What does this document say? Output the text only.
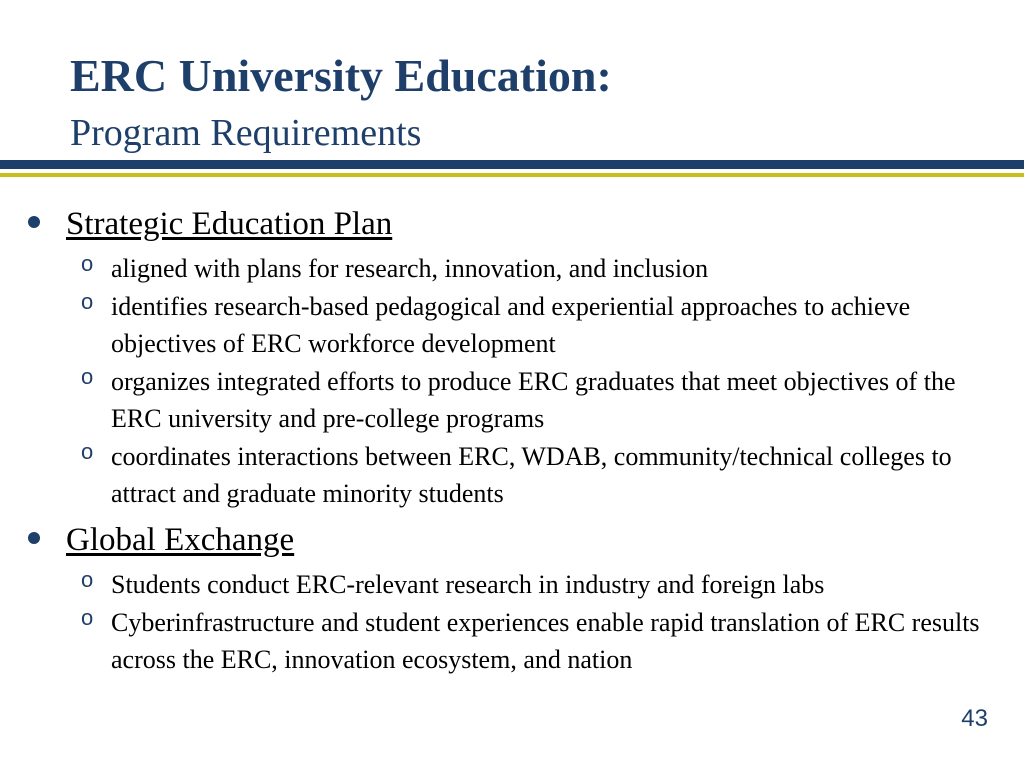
ERC University Education:
Program Requirements
Strategic Education Plan
o aligned with plans for research, innovation, and inclusion
o identifies research-based pedagogical and experiential approaches to achieve objectives of ERC workforce development
o organizes integrated efforts to produce ERC graduates that meet objectives of the ERC university and pre-college programs
o coordinates interactions between ERC, WDAB, community/technical colleges to attract and graduate minority students
Global Exchange
o Students conduct ERC-relevant research in industry and foreign labs
o Cyberinfrastructure and student experiences enable rapid translation of ERC results across the ERC, innovation ecosystem, and nation
43
